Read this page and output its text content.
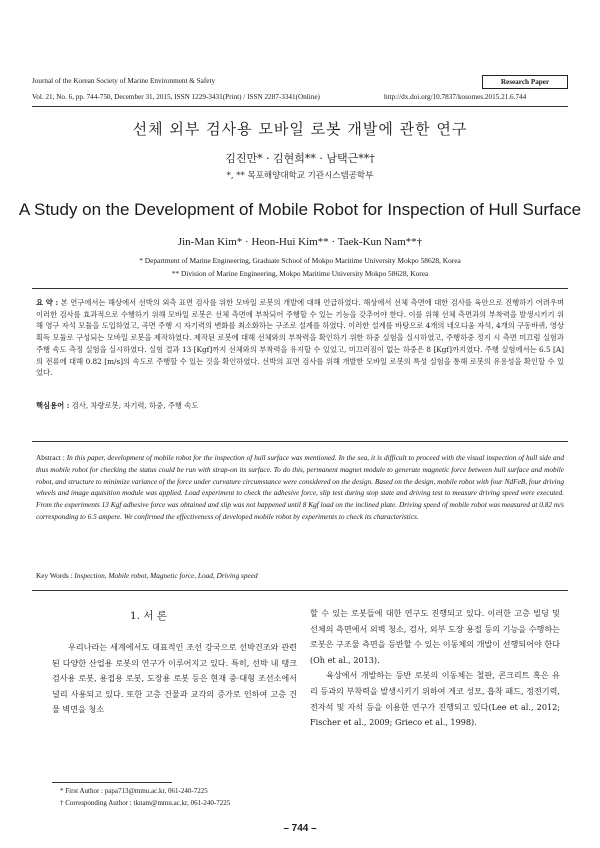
Journal of the Korean Society of Marine Environment & Safety	Research Paper
Vol. 21, No. 6, pp. 744-750, December 31, 2015, ISSN 1229-3431(Print) / ISSN 2287-3341(Online)	http://dx.doi.org/10.7837/kosomes.2015.21.6.744
선체 외부 검사용 모바일 로봇 개발에 관한 연구
김진만* · 김현희** · 남택근**†
*, ** 목포해양대학교 기관시스템공학부
A Study on the Development of Mobile Robot for Inspection of Hull Surface
Jin-Man Kim* · Heon-Hui Kim** · Taek-Kun Nam**†
* Department of Marine Engineering, Graduate School of Mokpo Maritime University Mokpo 58628, Korea
** Division of Marine Engineering, Mokpo Maritime University Mokpo 58628, Korea
요 약 : 본 연구에서는 해상에서 선박의 외측 표면 검사를 위한 모바일 로봇의 개발에 대해 언급하였다. 해상에서 선체 측면에 대한 검사를 육안으로 진행하기 어려우며 이러한 검사를 효과적으로 수행하기 위해 모바일 로봇은 선체 측면에 부착되어 주행할 수 있는 기능을 갖추어야 한다. 이를 위해 선체 측면과의 부착력을 발생시키기 위해 영구 자석 모듈을 도입하였고, 곡면 주행 시 자기력의 변화를 최소화하는 구조로 설계를 하였다. 이러한 설계를 바탕으로 4개의 네오디움 자석, 4개의 구동바퀴, 영상 획득 모듈로 구성되는 모바일 로봇을 제작하였다. 제작된 로봇에 대해 선체와의 부착력을 확인하기 위한 하중 실험을 실시하였고, 주행하중 정지 시 측면 미끄럼 실험과 주행 속도 측정 실험을 실시하였다. 실험 결과 13 [Kgf]까지 선체와의 부착력을 유지할 수 있었고, 미끄러짐이 없는 하중은 8 [Kgf]까지였다. 주행 실험에서는 6.5 [A]의 전류에 대해 0.82 [m/s]의 속도로 주행할 수 있는 것을 확인하였다. 선박의 표면 검사를 위해 개발한 모바일 로봇의 특성 실험을 통해 로봇의 유용성을 확인할 수 있었다.
핵심용어 : 검사, 차량로봇, 자기력, 하중, 주행 속도
Abstract : In this paper, development of mobile robot for the inspection of hull surface was mentioned. In the sea, it is difficult to proceed with the visual inspection of hull side and thus mobile robot for checking the status could be run with strap-on its surface. To do this, permanent magnet module to generate magnetic force between hull surface and mobile robot, and structure to minimize variance of the force under curvature circumstance were considered on the design. Based on the design, mobile robot with four NdFeB, four driving wheels and image aquisition module was applied. Load experiment to check the adhesive force, slip test during stop state and driving test to measure driving speed were executed. From the experiments 13 Kgf adhesive force was obtained and slip was not happened until 8 Kgf load on the inclined plate. Driving speed of mobile robot was measured at 0.82 m/s corresponding to 6.5 ampere. We confirmed the effectiveness of developed mobile robot by experiments to check its characteristics.
Key Words : Inspection, Mobile robot, Magnetic force, Load, Driving speed
1. 서 론
우리나라는 세계에서도 대표적인 조선 강국으로 선박건조와 관련된 다양한 산업용 로봇의 연구가 이루어지고 있다. 특히, 선박 내 탱크 검사용 로봇, 용접용 로봇, 도장용 로봇 등은 현재 중·대형 조선소에서 널리 사용되고 있다. 또한 고층 건물과 교각의 증가로 인하여 고층 건물 벽면을 청소
할 수 있는 로봇들에 대한 연구도 진행되고 있다. 이러한 고층 빌딩 및 선체의 측면에서 외벽 청소, 검사, 외부 도장 용접 등의 기능을 수행하는 로봇은 구조물 측면을 등반할 수 있는 이동체의 개발이 선행되어야 한다(Oh et al., 2013).
육상에서 개발하는 등반 로봇의 이동체는 철판, 콘크리트 혹은 유리 등과의 부착력을 발생시키기 위하여 게코 성모, 흡착 패드, 정전기력, 전자석 및 자석 등을 이용한 연구가 진행되고 있다(Lee et al., 2012; Fischer et al., 2009; Grieco et al., 1998).
* First Author : papa713@mmu.ac.kr, 061-240-7225
† Corresponding Author : tknam@mmu.ac.kr, 061-240-7225
– 744 –
